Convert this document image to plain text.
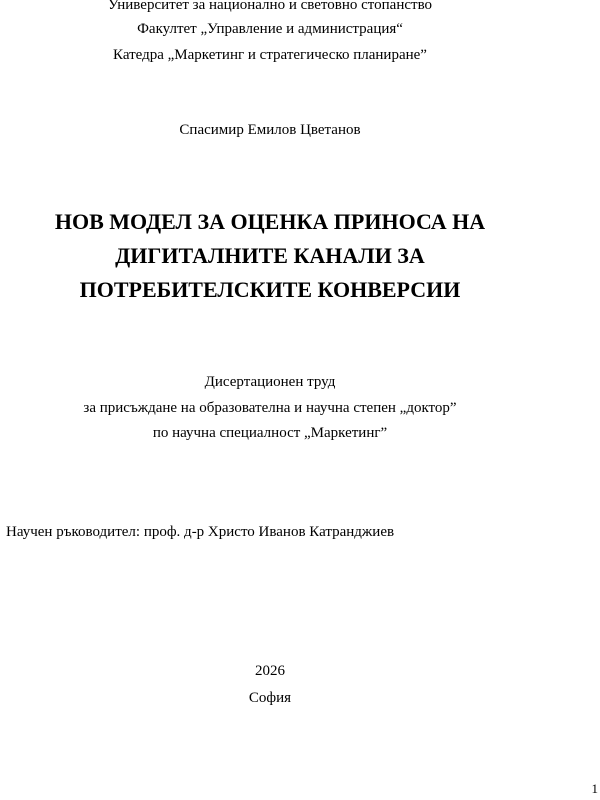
Университет за национално и световно стопанство
Факултет „Управление и администрация“
Катедра „Маркетинг и стратегическо планиране”
Спасимир Емилов Цветанов
НОВ МОДЕЛ ЗА ОЦЕНКА ПРИНОСА НА
ДИГИТАЛНИТЕ КАНАЛИ ЗА
ПОТРЕБИТЕЛСКИТЕ КОНВЕРСИИ
Дисертационен труд
за присъждане на образователна и научна степен „доктор”
по научна специалност „Маркетинг”
Научен ръководител: проф. д-р Христо Иванов Катранджиев
2026
София
1
